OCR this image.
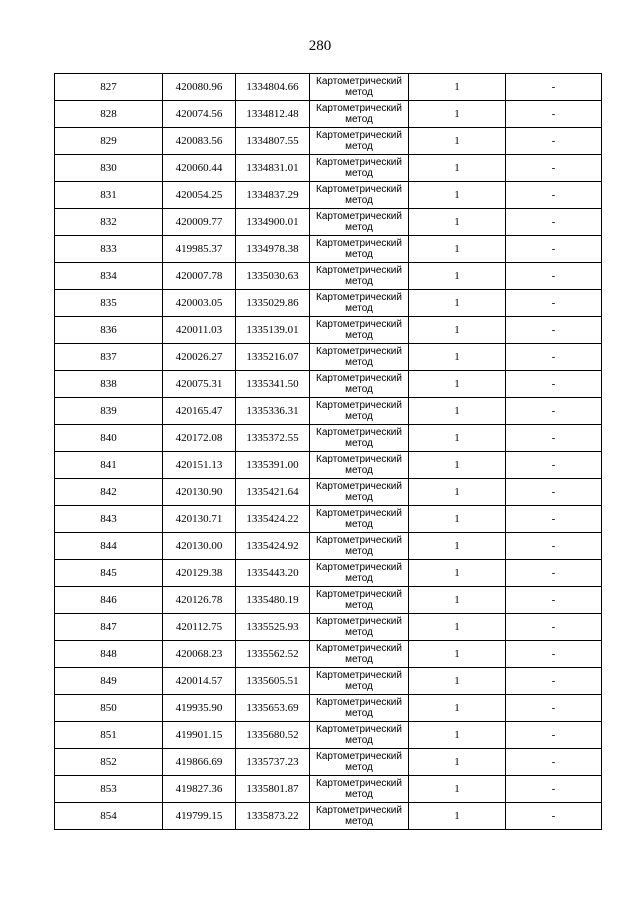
280
827	420080.96	1334804.66	Картометрический
метод	1	-
828	420074.56	1334812.48	Картометрический
метод	1	-
829	420083.56	1334807.55	Картометрический
метод	1	-
830	420060.44	1334831.01	Картометрический
метод	1	-
831	420054.25	1334837.29	Картометрический
метод	1	-
832	420009.77	1334900.01	Картометрический
метод	1	-
833	419985.37	1334978.38	Картометрический
метод	1	-
834	420007.78	1335030.63	Картометрический
метод	1	-
835	420003.05	1335029.86	Картометрический
метод	1	-
836	420011.03	1335139.01	Картометрический
метод	1	-
837	420026.27	1335216.07	Картометрический
метод	1	-
838	420075.31	1335341.50	Картометрический
метод	1	-
839	420165.47	1335336.31	Картометрический
метод	1	-
840	420172.08	1335372.55	Картометрический
метод	1	-
841	420151.13	1335391.00	Картометрический
метод	1	-
842	420130.90	1335421.64	Картометрический
метод	1	-
843	420130.71	1335424.22	Картометрический
метод	1	-
844	420130.00	1335424.92	Картометрический
метод	1	-
845	420129.38	1335443.20	Картометрический
метод	1	-
846	420126.78	1335480.19	Картометрический
метод	1	-
847	420112.75	1335525.93	Картометрический
метод	1	-
848	420068.23	1335562.52	Картометрический
метод	1	-
849	420014.57	1335605.51	Картометрический
метод	1	-
850	419935.90	1335653.69	Картометрический
метод	1	-
851	419901.15	1335680.52	Картометрический
метод	1	-
852	419866.69	1335737.23	Картометрический
метод	1	-
853	419827.36	1335801.87	Картометрический
метод	1	-
854	419799.15	1335873.22	Картометрический
метод	1	-
